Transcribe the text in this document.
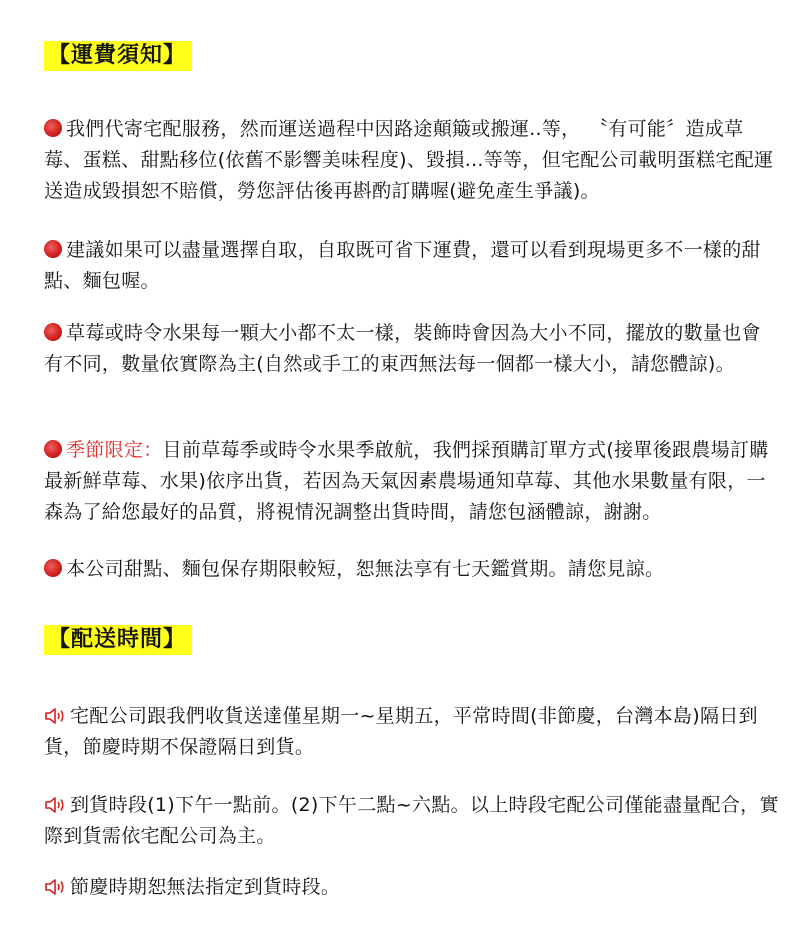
【運費須知】

我們代寄宅配服務，然而運送過程中因路途顛簸或搬運..等， 〝有可能〞造成草莓、蛋糕、甜點移位(依舊不影響美味程度)、毀損...等等，但宅配公司載明蛋糕宅配運送造成毀損恕不賠償，勞您評估後再斟酌訂購喔(避免產生爭議)。

建議如果可以盡量選擇自取，自取既可省下運費，還可以看到現場更多不一樣的甜點、麵包喔。

草莓或時令水果每一顆大小都不太一樣，裝飾時會因為大小不同，擺放的數量也會有不同，數量依實際為主(自然或手工的東西無法每一個都一樣大小，請您體諒)。

季節限定：目前草莓季或時令水果季啟航，我們採預購訂單方式(接單後跟農場訂購最新鮮草莓、水果)依序出貨，若因為天氣因素農場通知草莓、其他水果數量有限，一森為了給您最好的品質，將視情況調整出貨時間，請您包涵體諒，謝謝。

本公司甜點、麵包保存期限較短，恕無法享有七天鑑賞期。請您見諒。

【配送時間】

宅配公司跟我們收貨送達僅星期一~星期五，平常時間(非節慶，台灣本島)隔日到貨，節慶時期不保證隔日到貨。

到貨時段(1)下午一點前。(2)下午二點~六點。以上時段宅配公司僅能盡量配合，實際到貨需依宅配公司為主。

節慶時期恕無法指定到貨時段。
